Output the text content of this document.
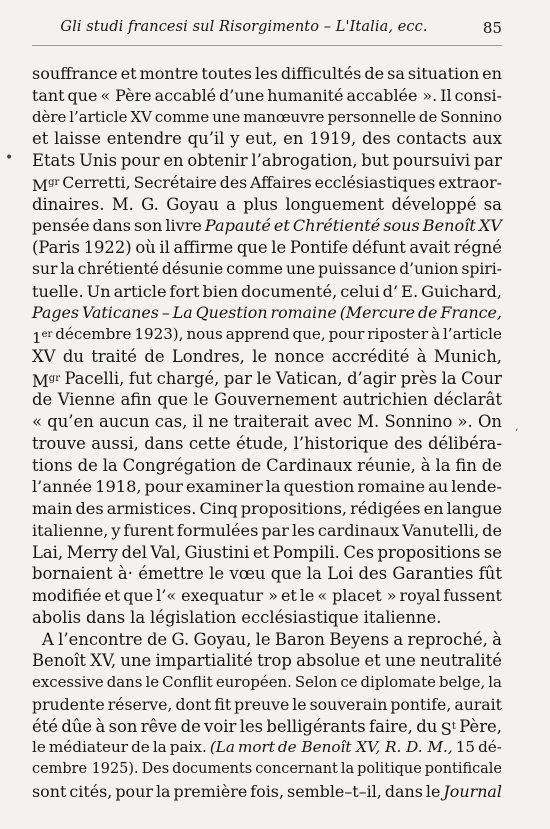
Gli studi francesi sul Risorgimento – L'Italia, ecc.	85
souffrance et montre toutes les difficultés de sa situation en
tant que « Père accablé d’une humanité accablée ». Il consi-
dère l’article XV comme une manœuvre personnelle de Sonnino
et laisse entendre qu’il y eut, en 1919, des contacts aux
Etats Unis pour en obtenir l’abrogation, but poursuivi par
$M^{gr}$ Cerretti, Secrétaire des Affaires ecclésiastiques extraor-
dinaires. M. G. Goyau a plus longuement développé sa
pensée dans son livre Papauté et Chrétienté sous Benoît XV
(Paris 1922) où il affirme que le Pontife défunt avait régné
sur la chrétienté désunie comme une puissance d’union spiri-
tuelle. Un article fort bien documenté, celui d’ E. Guichard,
Pages Vaticanes – La Question romaine (Mercure de France,
1er décembre 1923), nous apprend que, pour riposter à l’article
XV du traité de Londres, le nonce accrédité à Munich,
$M^{gr}$ Pacelli, fut chargé, par le Vatican, d’agir près la Cour
de Vienne afin que le Gouvernement autrichien déclarât
« qu’en aucun cas, il ne traiterait avec M. Sonnino ». On
trouve aussi, dans cette étude, l’historique des délibéra-
tions de la Congrégation de Cardinaux réunie, à la fin de
l’année 1918, pour examiner la question romaine au lende-
main des armistices. Cinq propositions, rédigées en langue
italienne, y furent formulées par les cardinaux Vanutelli, de
Lai, Merry del Val, Giustini et Pompili. Ces propositions se
bornaient à· émettre le vœu que la Loi des Garanties fût
modifiée et que l’« exequatur » et le « placet » royal fussent
abolis dans la législation ecclésiastique italienne.
A l’encontre de G. Goyau, le Baron Beyens a reproché, à
Benoît XV, une impartialité trop absolue et une neutralité
excessive dans le Conflit européen. Selon ce diplomate belge, la
prudente réserve, dont fit preuve le souverain pontife, aurait
été dûe à son rêve de voir les belligérants faire, du $S^t$ Père,
le médiateur de la paix. (La mort de Benoît XV, R. D. M., 15 dé-
cembre 1925). Des documents concernant la politique pontificale
sont cités, pour la première fois, semble–t–il, dans le Journal
•
‚
